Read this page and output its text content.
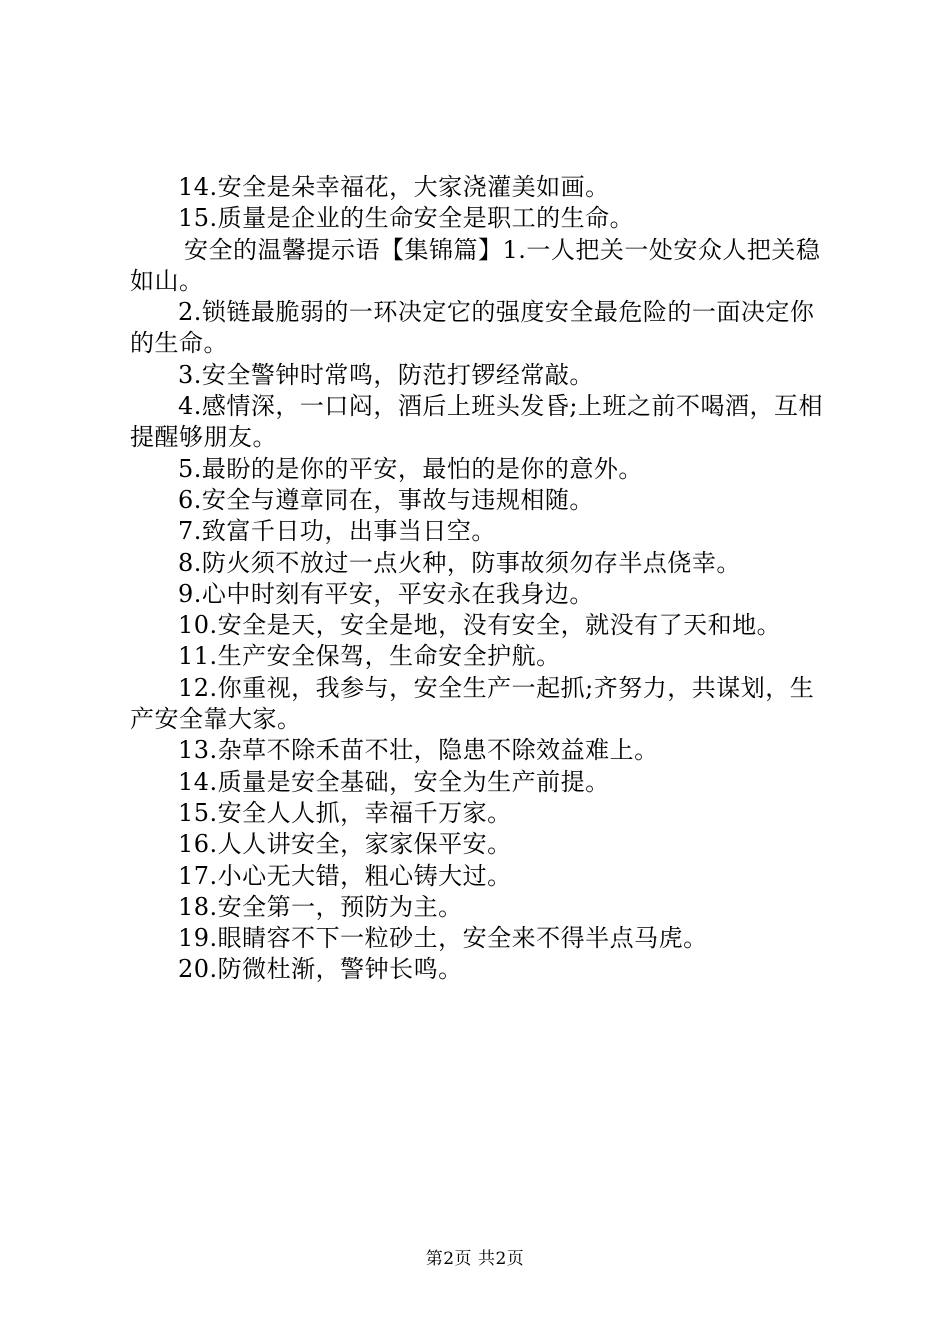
14.安全是朵幸福花，大家浇灌美如画。

15.质量是企业的生命安全是职工的生命。

安全的温馨提示语【集锦篇】1.一人把关一处安众人把关稳如山。

2.锁链最脆弱的一环决定它的强度安全最危险的一面决定你的生命。

3.安全警钟时常鸣，防范打锣经常敲。

4.感情深，一口闷，酒后上班头发昏;上班之前不喝酒，互相提醒够朋友。

5.最盼的是你的平安，最怕的是你的意外。

6.安全与遵章同在，事故与违规相随。

7.致富千日功，出事当日空。

8.防火须不放过一点火种，防事故须勿存半点侥幸。

9.心中时刻有平安，平安永在我身边。

10.安全是天，安全是地，没有安全，就没有了天和地。

11.生产安全保驾，生命安全护航。

12.你重视，我参与，安全生产一起抓;齐努力，共谋划，生产安全靠大家。

13.杂草不除禾苗不壮，隐患不除效益难上。

14.质量是安全基础，安全为生产前提。

15.安全人人抓，幸福千万家。

16.人人讲安全，家家保平安。

17.小心无大错，粗心铸大过。

18.安全第一，预防为主。

19.眼睛容不下一粒砂土，安全来不得半点马虎。

20.防微杜渐，警钟长鸣。

第2页 共2页
